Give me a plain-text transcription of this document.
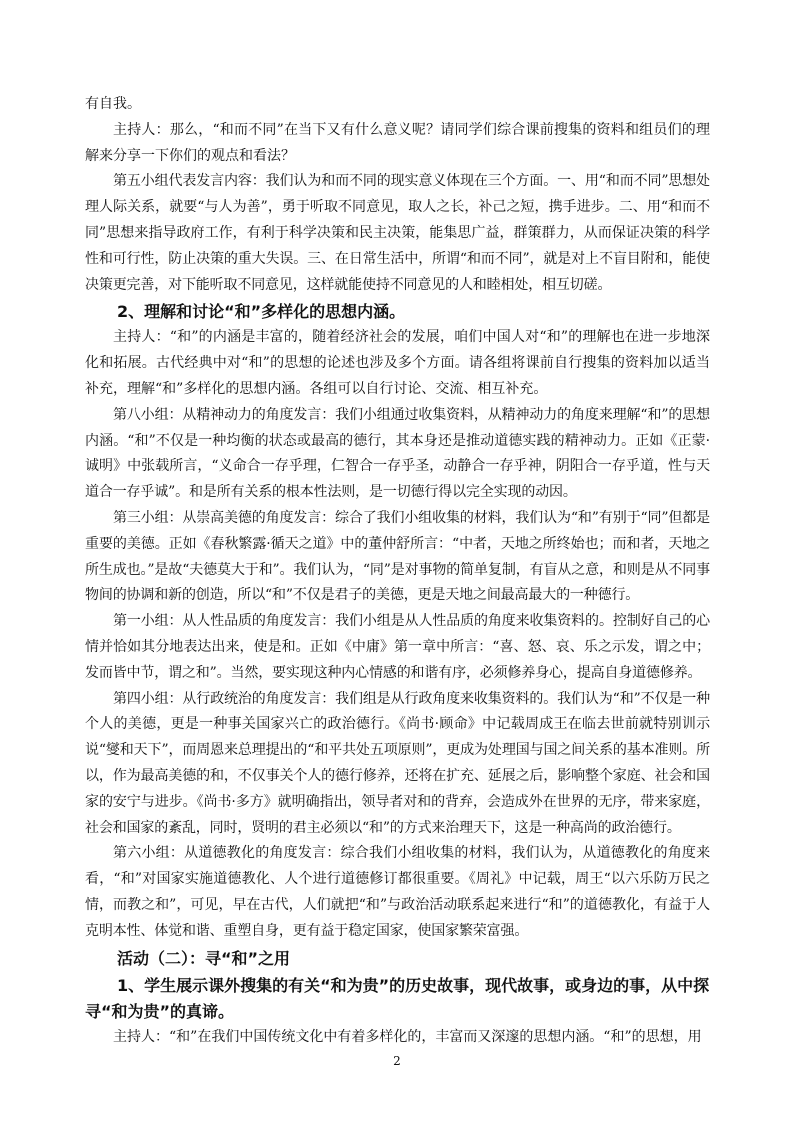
有自我。

主持人：那么，“和而不同”在当下又有什么意义呢？请同学们综合课前搜集的资料和组员们的理解来分享一下你们的观点和看法？

第五小组代表发言内容：我们认为和而不同的现实意义体现在三个方面。一、用“和而不同”思想处理人际关系，就要“与人为善”，勇于听取不同意见，取人之长，补己之短，携手进步。二、用“和而不同”思想来指导政府工作，有利于科学决策和民主决策，能集思广益，群策群力，从而保证决策的科学性和可行性，防止决策的重大失误。三、在日常生活中，所谓“和而不同”，就是对上不盲目附和，能使决策更完善，对下能听取不同意见，这样就能使持不同意见的人和睦相处，相互切磋。

2、理解和讨论“和”多样化的思想内涵。

主持人：“和”的内涵是丰富的，随着经济社会的发展，咱们中国人对“和”的理解也在进一步地深化和拓展。古代经典中对“和”的思想的论述也涉及多个方面。请各组将课前自行搜集的资料加以适当补充，理解“和”多样化的思想内涵。各组可以自行讨论、交流、相互补充。

第八小组：从精神动力的角度发言：我们小组通过收集资料，从精神动力的角度来理解“和”的思想内涵。“和”不仅是一种均衡的状态或最高的德行，其本身还是推动道德实践的精神动力。正如《正蒙·诚明》中张载所言，“义命合一存乎理，仁智合一存乎圣，动静合一存乎神，阴阳合一存乎道，性与天道合一存乎诚”。和是所有关系的根本性法则，是一切德行得以完全实现的动因。

第三小组：从崇高美德的角度发言：综合了我们小组收集的材料，我们认为“和”有别于“同”但都是重要的美德。正如《春秋繁露·循天之道》中的董仲舒所言：“中者，天地之所终始也；而和者，天地之所生成也。”是故“夫德莫大于和”。我们认为，“同”是对事物的简单复制，有盲从之意，和则是从不同事物间的协调和新的创造，所以“和”不仅是君子的美德，更是天地之间最高最大的一种德行。

第一小组：从人性品质的角度发言：我们小组是从人性品质的角度来收集资料的。控制好自己的心情并恰如其分地表达出来，使是和。正如《中庸》第一章中所言：“喜、怒、哀、乐之示发，谓之中；发而皆中节，谓之和”。当然，要实现这种内心情感的和谐有序，必须修养身心，提高自身道德修养。

第四小组：从行政统治的角度发言：我们组是从行政角度来收集资料的。我们认为“和”不仅是一种个人的美德，更是一种事关国家兴亡的政治德行。《尚书·顾命》中记载周成王在临去世前就特别训示说“燮和天下”，而周恩来总理提出的“和平共处五项原则”，更成为处理国与国之间关系的基本准则。所以，作为最高美德的和，不仅事关个人的德行修养，还将在扩充、延展之后，影响整个家庭、社会和国家的安宁与进步。《尚书·多方》就明确指出，领导者对和的背弃，会造成外在世界的无序，带来家庭，社会和国家的紊乱，同时，贤明的君主必须以“和”的方式来治理天下，这是一种高尚的政治德行。

第六小组：从道德教化的角度发言：综合我们小组收集的材料，我们认为，从道德教化的角度来看，“和”对国家实施道德教化、人个进行道德修订都很重要。《周礼》中记载，周王“以六乐防万民之情，而教之和”，可见，早在古代，人们就把“和”与政治活动联系起来进行“和”的道德教化，有益于人克明本性、体觉和谐、重塑自身，更有益于稳定国家，使国家繁荣富强。

活动（二）：寻“和”之用
1、学生展示课外搜集的有关“和为贵”的历史故事，现代故事，或身边的事，从中探寻“和为贵”的真谛。

主持人：“和”在我们中国传统文化中有着多样化的，丰富而又深邃的思想内涵。“和”的思想，用

2
